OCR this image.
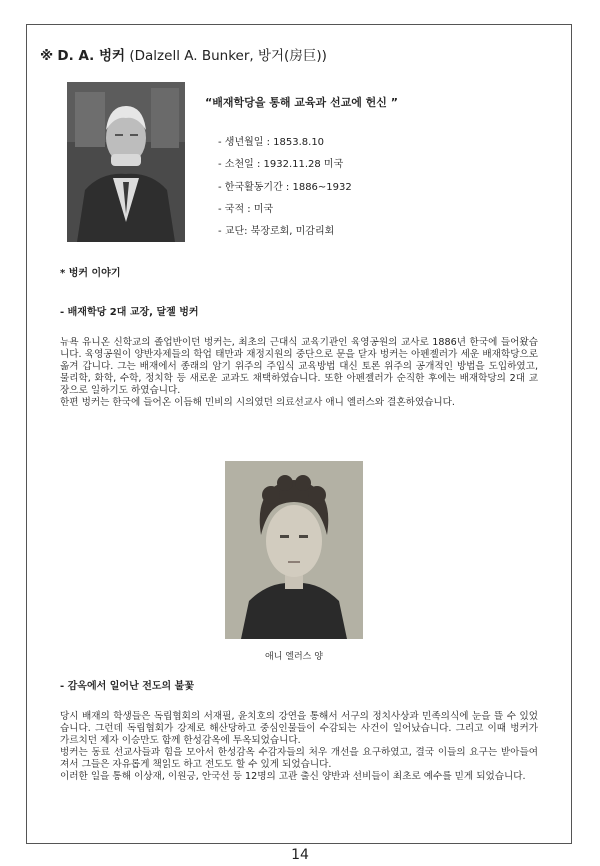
※ D. A. 벙커 (Dalzell A. Bunker, 방거(房巨))
“배재학당을 통해 교육과 선교에 헌신 ”
- 생년월일 : 1853.8.10
- 소천일 : 1932.11.28 미국
- 한국활동기간 : 1886~1932
- 국적 : 미국
- 교단: 북장로회, 미감리회
* 벙커 이야기
- 배재학당 2대 교장, 달젤 벙커

뉴욕 유니온 신학교의 졸업반이던 벙커는, 최초의 근대식 교육기관인 육영공원의 교사로 1886년 한국에 들어왔습니다. 육영공원이 양반자제들의 학업 태만과 재정지원의 중단으로 문을 닫자 벙커는 아펜젤러가 세운 배재학당으로 옮겨 갑니다. 그는 배재에서 종래의 암기 위주의 주입식 교육방법 대신 토론 위주의 공개적인 방법을 도입하였고, 물리학, 화학, 수학, 정치학 등 새로운 교과도 채택하였습니다. 또한 아펜젤러가 순직한 후에는 배재학당의 2대 교장으로 일하기도 하였습니다.

한편 벙커는 한국에 들어온 이듬해 민비의 시의였던 의료선교사 애니 엘러스와 결혼하였습니다.

애니 엘러스 양
- 감옥에서 일어난 전도의 불꽃

당시 배재의 학생들은 독립협회의 서재필, 윤치호의 강연을 통해서 서구의 정치사상과 민족의식에 눈을 뜰 수 있었습니다. 그런데 독립협회가 강제로 해산당하고 중심인물들이 수감되는 사건이 일어났습니다. 그리고 이때 벙커가 가르치던 제자 이승만도 함께 한성감옥에 투옥되었습니다.

벙커는 동료 선교사들과 힘을 모아서 한성감옥 수감자들의 처우 개선을 요구하였고, 결국 이들의 요구는 받아들여져서 그들은 자유롭게 책읽도 하고 전도도 할 수 있게 되었습니다.

이러한 일을 통해 이상재, 이원긍, 안국선 등 12명의 고관 출신 양반과 선비들이 최초로 예수를 믿게 되었습니다.

14
